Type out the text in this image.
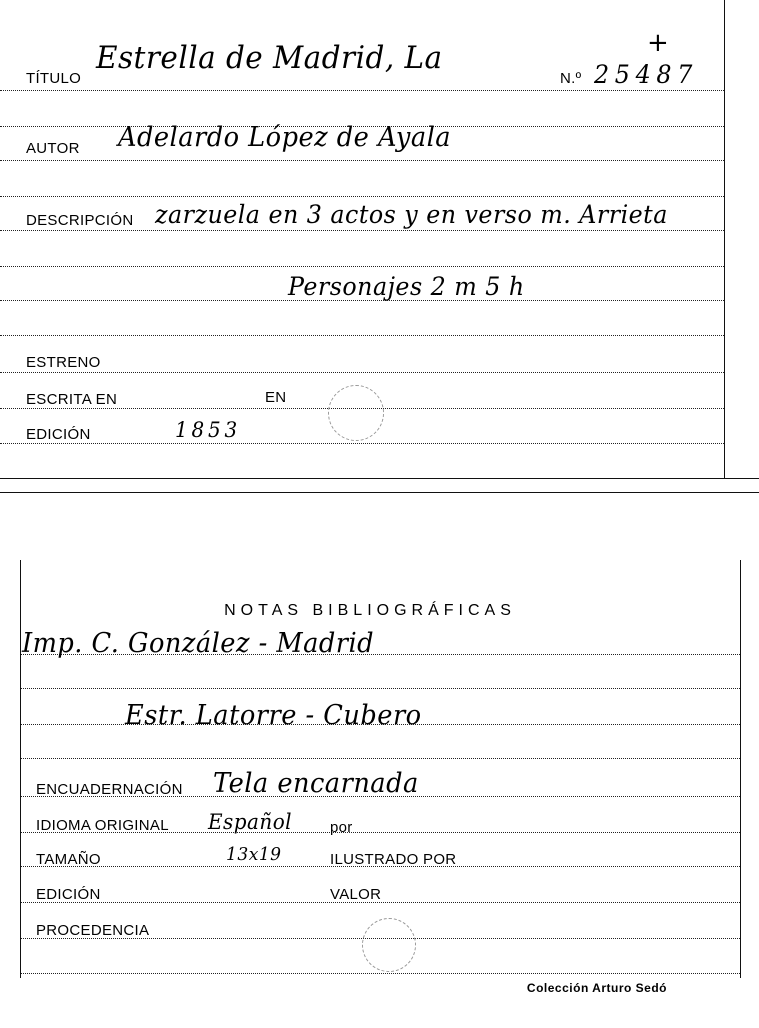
TÍTULO
Estrella de Madrid, La
N.º 25487
+
AUTOR Adelardo López de Ayala
DESCRIPCIÓN zarzuela en 3 actos y en verso m. Arrieta
Personajes 2 m 5 h
ESTRENO
ESCRITA EN	EN
EDICIÓN	1853
NOTAS BIBLIOGRÁFICAS
Imp. C. González - Madrid
Estr. Latorre - Cubero
ENCUADERNACIÓN Tela encarnada
IDIOMA ORIGINAL Español	por
TAMAÑO	13x19	ILUSTRADO POR
EDICIÓN	VALOR
PROCEDENCIA
Colección Arturo Sedó
